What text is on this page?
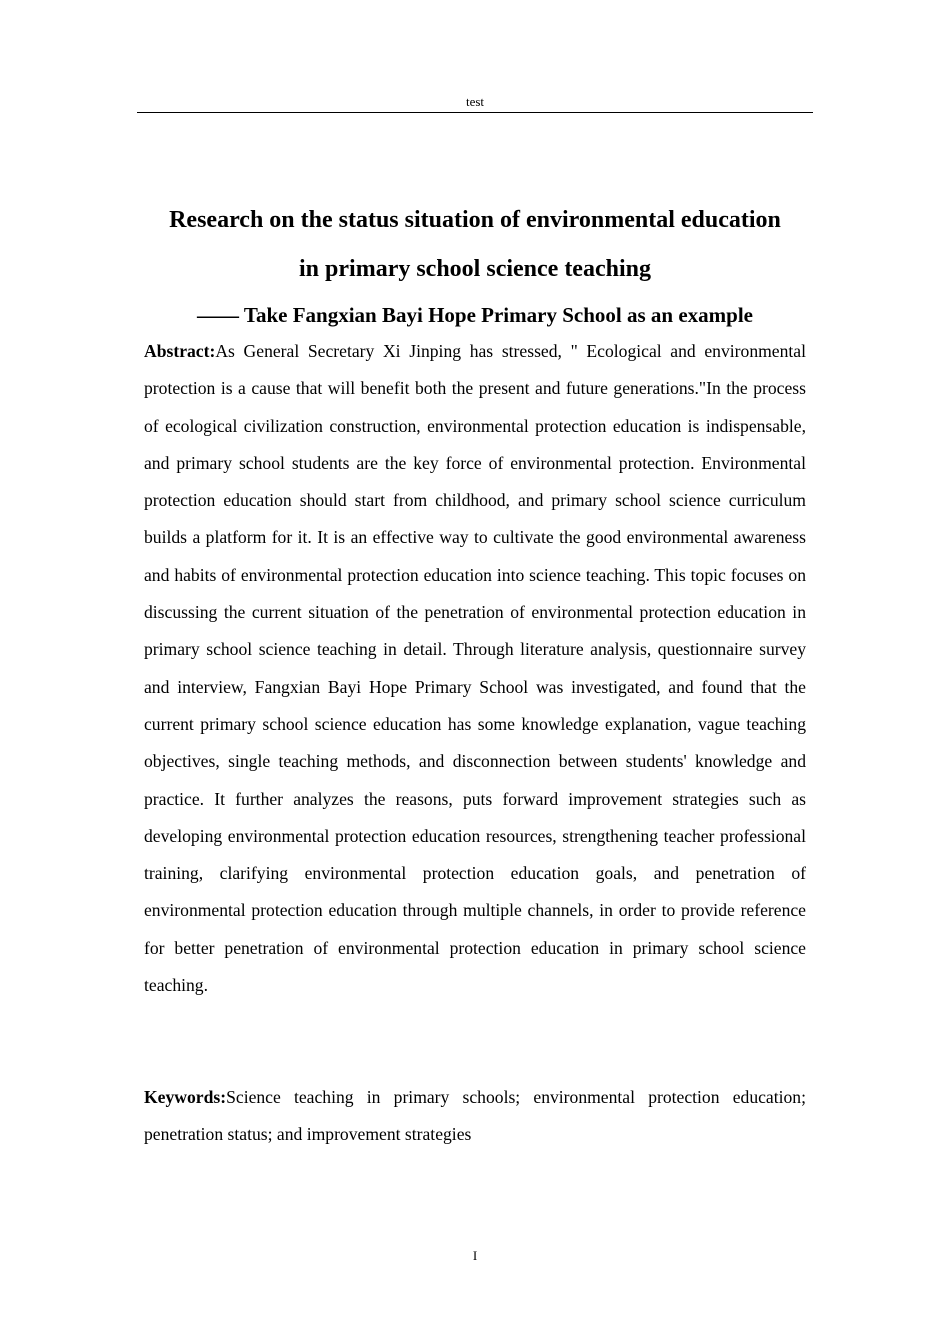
test
Research on the status situation of environmental education
in primary school science teaching
—— Take Fangxian Bayi Hope Primary School as an example

Abstract:As General Secretary Xi Jinping has stressed, " Ecological and environmental protection is a cause that will benefit both the present and future generations."In the process of ecological civilization construction, environmental protection education is indispensable, and primary school students are the key force of environmental protection. Environmental protection education should start from childhood, and primary school science curriculum builds a platform for it. It is an effective way to cultivate the good environmental awareness and habits of environmental protection education into science teaching. This topic focuses on discussing the current situation of the penetration of environmental protection education in primary school science teaching in detail. Through literature analysis, questionnaire survey and interview, Fangxian Bayi Hope Primary School was investigated, and found that the current primary school science education has some knowledge explanation, vague teaching objectives, single teaching methods, and disconnection between students' knowledge and practice. It further analyzes the reasons, puts forward improvement strategies such as developing environmental protection education resources, strengthening teacher professional training, clarifying environmental protection education goals, and penetration of environmental protection education through multiple channels, in order to provide reference for better penetration of environmental protection education in primary school science teaching.

Keywords:Science teaching in primary schools; environmental protection education; penetration status; and improvement strategies

I
